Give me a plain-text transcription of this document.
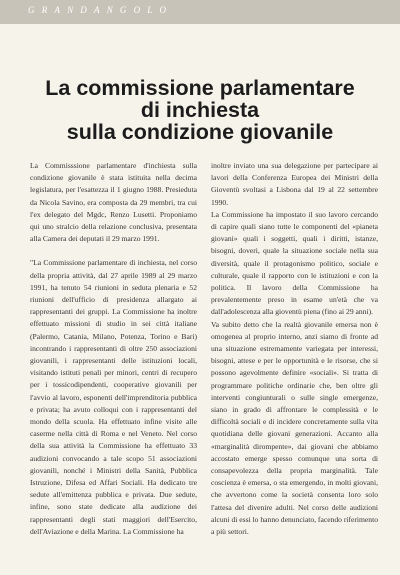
GRANDANGOLO
La commissione parlamentare
di inchiesta
sulla condizione giovanile

La Commisssione parlamentare d'inchiesta sulla condizione giovanile è stata istituita nella decima legislatura, per l'esattezza il 1 giugno 1988. Presieduta da Nicola Savino, era composta da 29 membri, tra cui l'ex delegato del Mgdc, Renzo Lusetti. Proponiamo qui uno stralcio della relazione conclusiva, presentata alla Camera dei deputati il 29 marzo 1991.

"La Commissione parlamentare di inchiesta, nel corso della propria attività, dal 27 aprile 1989 al 29 marzo 1991, ha tenuto 54 riunioni in seduta plenaria e 52 riunioni dell'ufficio di presidenza allargato ai rappresentanti dei gruppi. La Commissione ha inoltre effettuato missioni di studio in sei città italiane (Palermo, Catania, Milano, Potenza, Torino e Bari) incontrando i rappresentanti di oltre 250 associazioni giovanili, i rappresentanti delle istituzioni locali, visitando istituti penali per minori, centri di recupero per i tossicodipendenti, cooperative giovanili per l'avvio al lavoro, esponenti dell'imprenditoria pubblica e privata; ha avuto colloqui con i rappresentanti del mondo della scuola. Ha effettuato infine visite alle caserme nella città di Roma e nel Veneto. Nel corso della sua attività la Commissione ha effettuato 33 audizioni convocando a tale scopo 51 associazioni giovanili, nonché i Ministri della Sanità, Pubblica Istruzione, Difesa ed Affari Sociali. Ha dedicato tre sedute all'emittenza pubblica e privata. Due sedute, infine, sono state dedicate alla audizione dei rappresentanti degli stati maggiori dell'Esercito, dell'Aviazione e della Marina. La Commissione ha

inoltre inviato una sua delegazione per partecipare ai lavori della Conferenza Europea dei Ministri della Gioventù svoltasi a Lisbona dal 19 al 22 settembre 1990.

La Commissione ha impostato il suo lavoro cercando di capire quali siano tutte le componenti del «pianeta giovani» quali i soggetti, quali i diritti, istanze, bisogni, doveri, quale la situazione sociale nella sua diversità, quale il protagonismo politico, sociale e culturale, quale il rapporto con le istituzioni e con la politica. Il lavoro della Commissione ha prevalentemente preso in esame un'età che va dall'adolescenza alla gioventù piena (fino ai 29 anni).

Va subito detto che la realtà giovanile emersa non è omogenea al proprio interno, anzi siamo di fronte ad una situazione estremamente variegata per interessi, bisogni, attese e per le opportunità e le risorse, che si possono agevolmente definire «sociali». Si tratta di programmare politiche ordinarie che, ben oltre gli interventi congiunturali o sulle single emergenze, siano in grado di affrontare le complessità e le difficoltà sociali e di incidere concretamente sulla vita quotidiana delle giovani generazioni. Accanto alla «marginalità dirompente», dai giovani che abbiamo accostato emerge spesso comunque una sorta di consapevolezza della propria marginalità. Tale coscienza è emersa, o sta emergendo, in molti giovani, che avvertono come la società consenta loro solo l'attesa del divenire adulti. Nel corso delle audizioni alcuni di essi lo hanno denunciato, facendo riferimento a più settori.
